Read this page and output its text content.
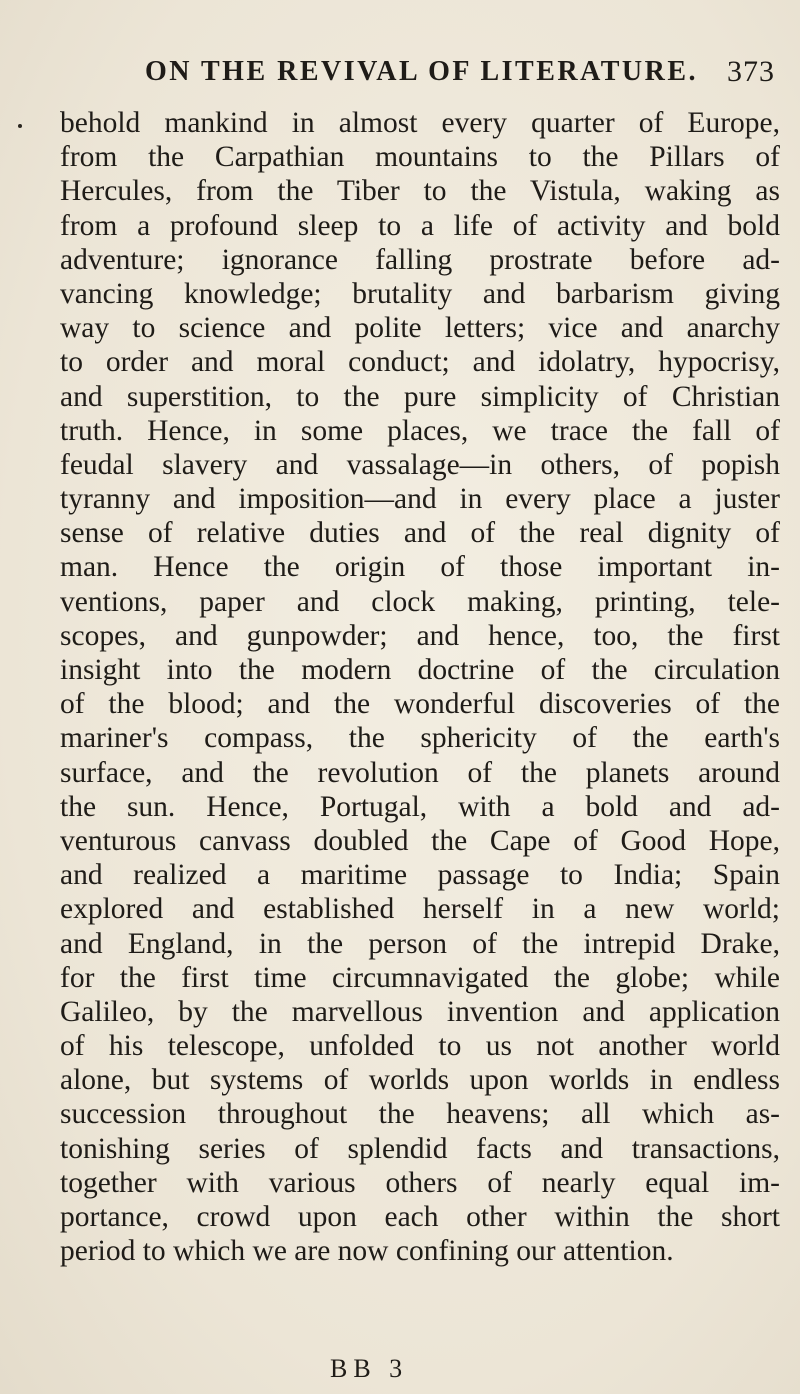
ON THE REVIVAL OF LITERATURE. 373
behold mankind in almost every quarter of Europe,
from the Carpathian mountains to the Pillars of
Hercules, from the Tiber to the Vistula, waking as
from a profound sleep to a life of activity and bold
adventure; ignorance falling prostrate before ad-
vancing knowledge; brutality and barbarism giving
way to science and polite letters; vice and anarchy
to order and moral conduct; and idolatry, hypocrisy,
and superstition, to the pure simplicity of Christian
truth. Hence, in some places, we trace the fall of
feudal slavery and vassalage—in others, of popish
tyranny and imposition—and in every place a juster
sense of relative duties and of the real dignity of
man. Hence the origin of those important in-
ventions, paper and clock making, printing, tele-
scopes, and gunpowder; and hence, too, the first
insight into the modern doctrine of the circulation
of the blood; and the wonderful discoveries of the
mariner's compass, the sphericity of the earth's
surface, and the revolution of the planets around
the sun. Hence, Portugal, with a bold and ad-
venturous canvass doubled the Cape of Good Hope,
and realized a maritime passage to India; Spain
explored and established herself in a new world;
and England, in the person of the intrepid Drake,
for the first time circumnavigated the globe; while
Galileo, by the marvellous invention and application
of his telescope, unfolded to us not another world
alone, but systems of worlds upon worlds in endless
succession throughout the heavens; all which as-
tonishing series of splendid facts and transactions,
together with various others of nearly equal im-
portance, crowd upon each other within the short
period to which we are now confining our attention.
BB 3
